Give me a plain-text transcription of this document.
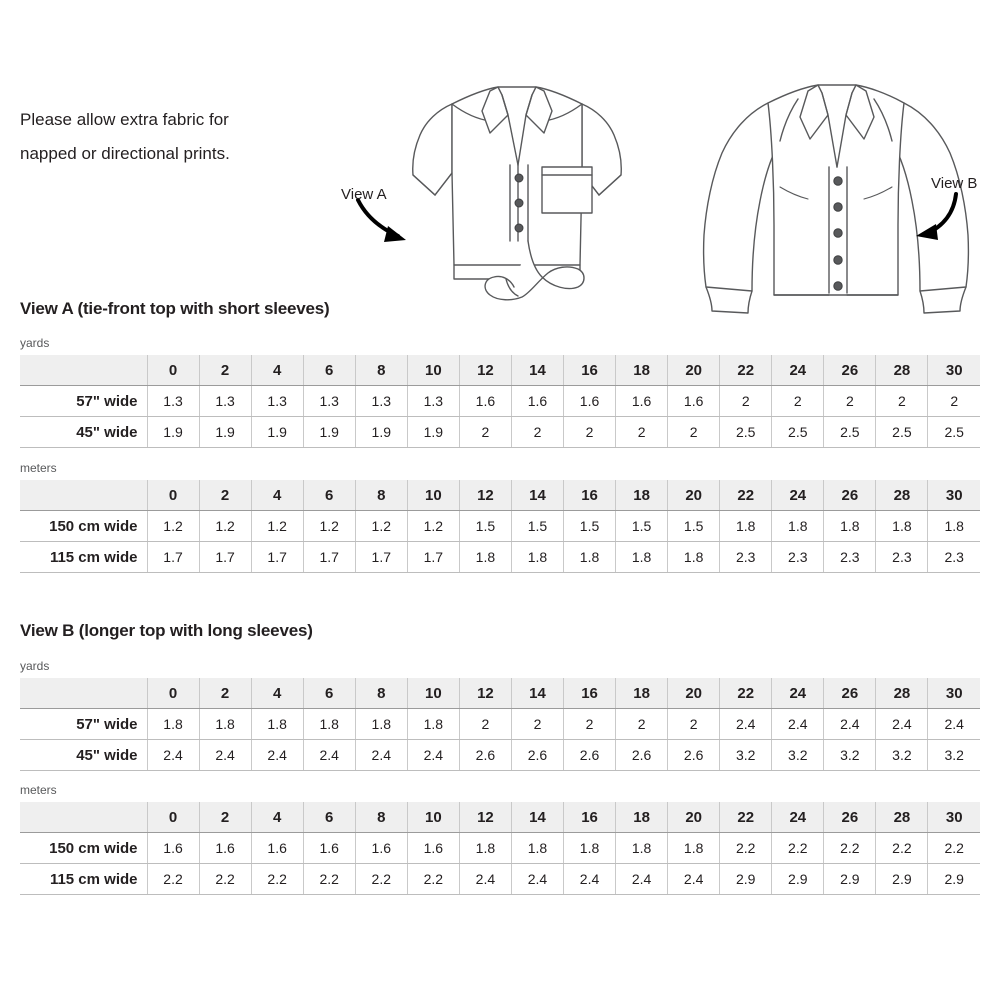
Please allow extra fabric for
napped or directional prints.
View A
View B
View A (tie-front top with short sleeves)
yards
	0	2	4	6	8	10	12	14	16	18	20	22	24	26	28	30
57" wide	1.3	1.3	1.3	1.3	1.3	1.3	1.6	1.6	1.6	1.6	1.6	2	2	2	2	2
45" wide	1.9	1.9	1.9	1.9	1.9	1.9	2	2	2	2	2	2.5	2.5	2.5	2.5	2.5
meters
	0	2	4	6	8	10	12	14	16	18	20	22	24	26	28	30
150 cm wide	1.2	1.2	1.2	1.2	1.2	1.2	1.5	1.5	1.5	1.5	1.5	1.8	1.8	1.8	1.8	1.8
115 cm wide	1.7	1.7	1.7	1.7	1.7	1.7	1.8	1.8	1.8	1.8	1.8	2.3	2.3	2.3	2.3	2.3
View B (longer top with long sleeves)
yards
	0	2	4	6	8	10	12	14	16	18	20	22	24	26	28	30
57" wide	1.8	1.8	1.8	1.8	1.8	1.8	2	2	2	2	2	2.4	2.4	2.4	2.4	2.4
45" wide	2.4	2.4	2.4	2.4	2.4	2.4	2.6	2.6	2.6	2.6	2.6	3.2	3.2	3.2	3.2	3.2
meters
	0	2	4	6	8	10	12	14	16	18	20	22	24	26	28	30
150 cm wide	1.6	1.6	1.6	1.6	1.6	1.6	1.8	1.8	1.8	1.8	1.8	2.2	2.2	2.2	2.2	2.2
115 cm wide	2.2	2.2	2.2	2.2	2.2	2.2	2.4	2.4	2.4	2.4	2.4	2.9	2.9	2.9	2.9	2.9
